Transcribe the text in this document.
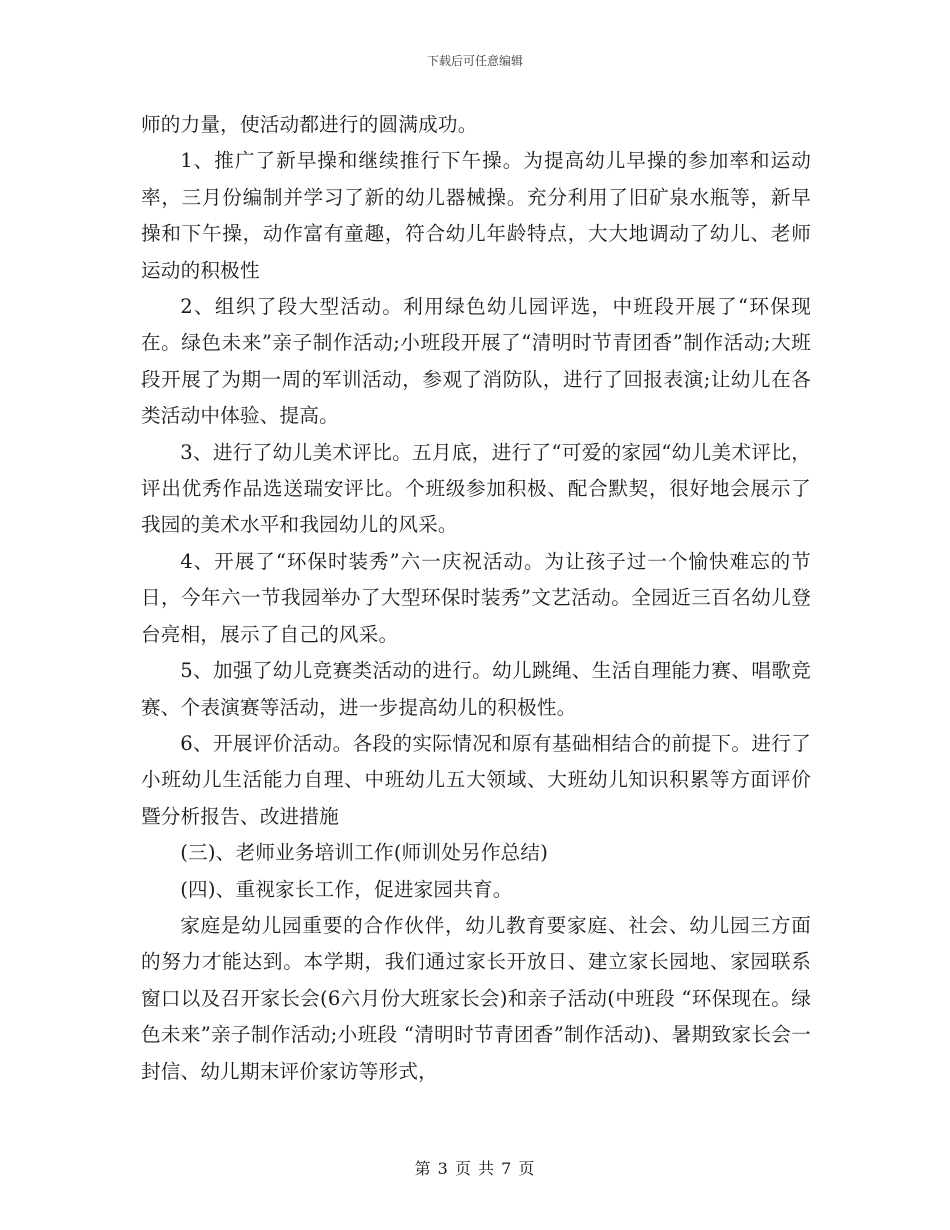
下载后可任意编辑

师的力量，使活动都进行的圆满成功。

1、推广了新早操和继续推行下午操。为提高幼儿早操的参加率和运动率，三月份编制并学习了新的幼儿器械操。充分利用了旧矿泉水瓶等，新早操和下午操，动作富有童趣，符合幼儿年龄特点，大大地调动了幼儿、老师运动的积极性

2、组织了段大型活动。利用绿色幼儿园评选，中班段开展了“环保现在。绿色未来”亲子制作活动;小班段开展了“清明时节青团香”制作活动;大班段开展了为期一周的军训活动，参观了消防队，进行了回报表演;让幼儿在各类活动中体验、提高。

3、进行了幼儿美术评比。五月底，进行了“可爱的家园“幼儿美术评比，评出优秀作品选送瑞安评比。个班级参加积极、配合默契，很好地会展示了我园的美术水平和我园幼儿的风采。

4、开展了“环保时装秀”六一庆祝活动。为让孩子过一个愉快难忘的节日，今年六一节我园举办了大型环保时装秀”文艺活动。全园近三百名幼儿登台亮相，展示了自己的风采。

5、加强了幼儿竞赛类活动的进行。幼儿跳绳、生活自理能力赛、唱歌竞赛、个表演赛等活动，进一步提高幼儿的积极性。

6、开展评价活动。各段的实际情况和原有基础相结合的前提下。进行了小班幼儿生活能力自理、中班幼儿五大领域、大班幼儿知识积累等方面评价暨分析报告、改进措施

(三)、老师业务培训工作(师训处另作总结)

(四)、重视家长工作，促进家园共育。

家庭是幼儿园重要的合作伙伴，幼儿教育要家庭、社会、幼儿园三方面的努力才能达到。本学期，我们通过家长开放日、建立家长园地、家园联系窗口以及召开家长会(6六月份大班家长会)和亲子活动(中班段 “环保现在。绿色未来”亲子制作活动;小班段 “清明时节青团香”制作活动)、暑期致家长会一封信、幼儿期末评价家访等形式，

第 3 页 共 7 页
